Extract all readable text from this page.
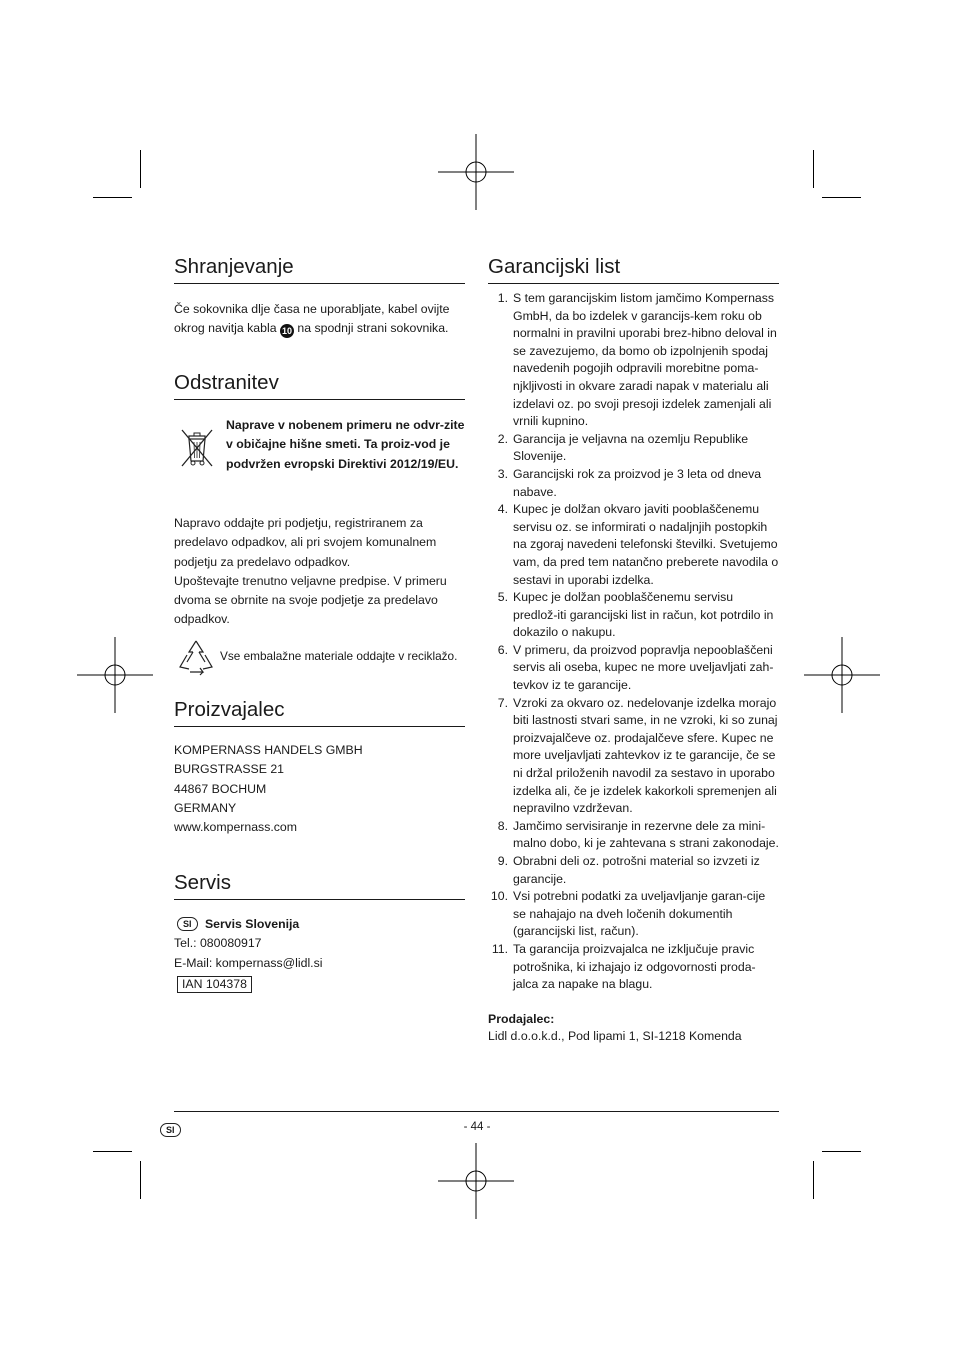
Shranjevanje

Če sokovnika dlje časa ne uporabljate, kabel ovijte okrog navitja kabla 10 na spodnji strani sokovnika.

Odstranitev

Naprave v nobenem primeru ne odvr-zite v običajne hišne smeti. Ta proiz-vod je podvržen evropski Direktivi 2012/19/EU.

Napravo oddajte pri podjetju, registriranem za predelavo odpadkov, ali pri svojem komunalnem podjetju za predelavo odpadkov.

Upoštevajte trenutno veljavne predpise. V primeru dvoma se obrnite na svoje podjetje za predelavo odpadkov.

Vse embalažne materiale oddajte v reciklažo.

Proizvajalec

KOMPERNASS HANDELS GMBH

BURGSTRASSE 21

44867 BOCHUM

GERMANY

www.kompernass.com

Servis

SI Servis Slovenija

Tel.: 080080917

E-Mail: kompernass@lidl.si

IAN 104378

Garancijski list
1. S tem garancijskim listom jamčimo Kompernass GmbH, da bo izdelek v garancijs-kem roku ob normalni in pravilni uporabi brez-hibno deloval in se zavezujemo, da bomo ob izpolnjenih spodaj navedenih pogojih odpravili morebitne poma-njkljivosti in okvare zaradi napak v materialu ali izdelavi oz. po svoji presoji izdelek zamenjali ali vrnili kupnino.
2. Garancija je veljavna na ozemlju Republike Slovenije.
3. Garancijski rok za proizvod je 3 leta od dneva nabave.
4. Kupec je dolžan okvaro javiti pooblaščenemu servisu oz. se informirati o nadaljnjih postopkih na zgoraj navedeni telefonski številki. Svetujemo vam, da pred tem natančno preberete navodila o sestavi in uporabi izdelka.
5. Kupec je dolžan pooblaščenemu servisu predlož-iti garancijski list in račun, kot potrdilo in dokazilo o nakupu.
6. V primeru, da proizvod popravlja nepooblaščeni servis ali oseba, kupec ne more uveljavljati zah-tevkov iz te garancije.
7. Vzroki za okvaro oz. nedelovanje izdelka morajo biti lastnosti stvari same, in ne vzroki, ki so zunaj proizvajalčeve oz. prodajalčeve sfere. Kupec ne more uveljavljati zahtevkov iz te garancije, če se ni držal priloženih navodil za sestavo in uporabo izdelka ali, če je izdelek kakorkoli spremenjen ali nepravilno vzdrževan.
8. Jamčimo servisiranje in rezervne dele za mini-malno dobo, ki je zahtevana s strani zakonodaje.
9. Obrabni deli oz. potrošni material so izvzeti iz garancije.
10. Vsi potrebni podatki za uveljavljanje garan-cije se nahajajo na dveh ločenih dokumentih (garancijski list, račun).
11. Ta garancija proizvajalca ne izključuje pravic potrošnika, ki izhajajo iz odgovornosti proda-jalca za napake na blagu.

Prodajalec:

Lidl d.o.o.k.d., Pod lipami 1, SI-1218 Komenda

SI	- 44 -
